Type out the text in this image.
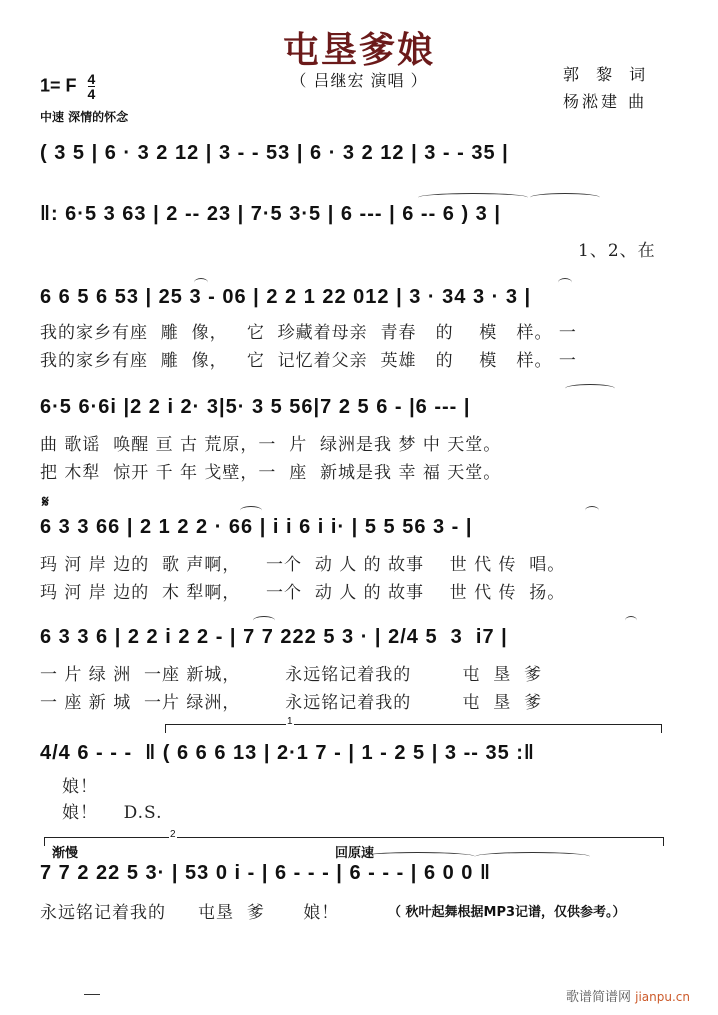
屯垦爹娘
（ 吕继宏 演唱 ）	郭 黎 词
杨淞建 曲
1= F $\frac{4}{4}$
中速 深情的怀念
( 3 5 | 6 · 3 2 12 | 3 - - 53 | 6 · 3 2 12 | 3 - - 35 |
‖: 6·5 3 63 | 2 -- 23 | 7·5 3·5 | 6 --- | 6 -- 6 ) 3 |
1、2、在
6 6 5 6 53 | 25 3 - 06 | 2 2 1 22 012 | 3 · 34 3 · 3 |
我的家乡有座  雕  像，   它  珍藏着母亲  青春   的    模   样。 一
我的家乡有座  雕  像，   它  记忆着父亲  英雄   的    模   样。 一
6·5 6·6i |2 2 i 2· 3|5· 3 5 56|7 2 5 6 - |6 --- |
曲 歌谣  唤醒 亘 古 荒原，一  片  绿洲是我 梦 中 天堂。
把 木犁  惊开 千 年 戈壁，一  座  新城是我 幸 福 天堂。
𝄋
6 3 3 66 | 2 1 2 2 · 66 | i i 6 i i· | 5 5 56 3 - |
玛 河 岸 边的  歌 声啊，    一个  动 人 的 故事    世 代 传  唱。
玛 河 岸 边的  木 犁啊，    一个  动 人 的 故事    世 代 传  扬。
6 3 3 6 | 2 2 i 2 2 - | 7 7 222 5 3 · | 2/4 5  3  i7 |
一 片 绿 洲  一座 新城，       永远铭记着我的        屯  垦  爹
一 座 新 城  一片 绿洲，       永远铭记着我的        屯  垦  爹
1
4/4 6 - - -  ‖ ( 6 6 6 13 | 2·1 7 - | 1 - 2 5 | 3 -- 35 :‖
娘！
娘！    D.S.
2
渐慢	回原速
7 7 2 22 5 3· | 53 0 i - | 6 - - - | 6 - - - | 6 0 0 ‖
永远铭记着我的     屯垦  爹      娘！	（ 秋叶起舞根据MP3记谱，仅供参考。）
歌谱简谱网 jianpu.cn
